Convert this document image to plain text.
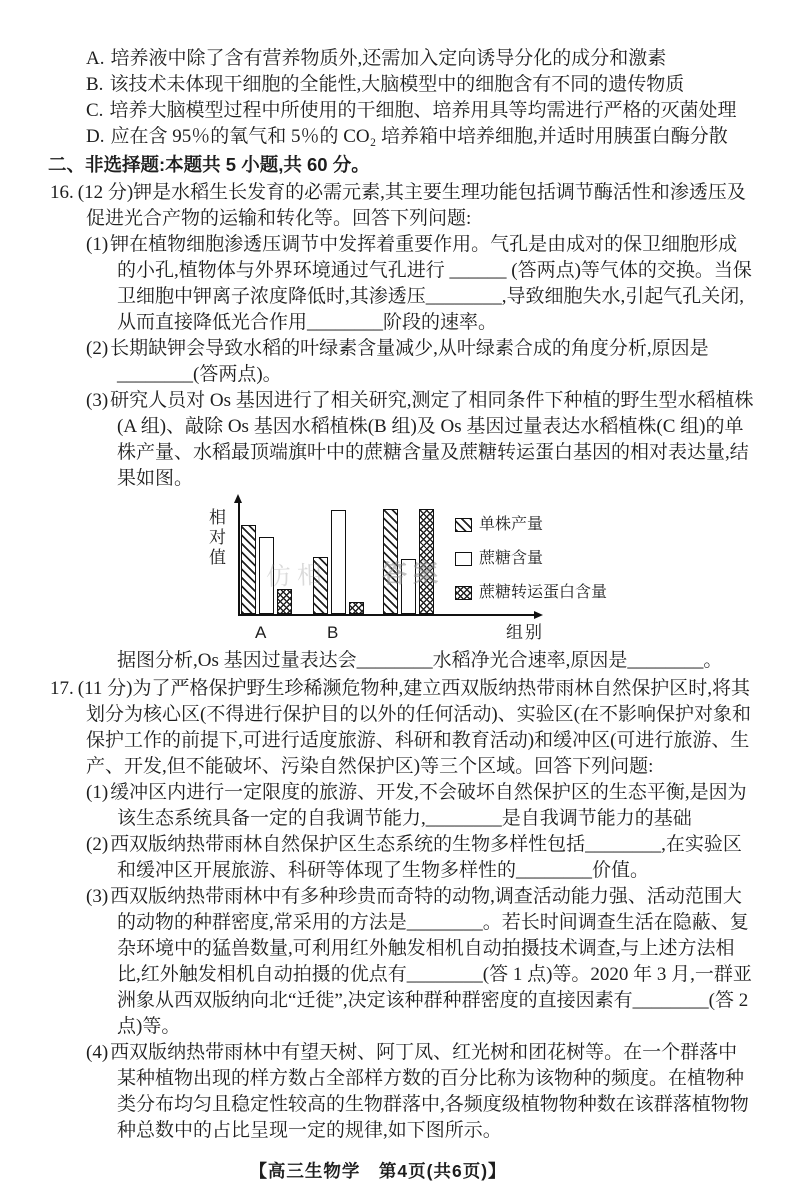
A. 培养液中除了含有营养物质外,还需加入定向诱导分化的成分和激素

B. 该技术未体现干细胞的全能性,大脑模型中的细胞含有不同的遗传物质

C. 培养大脑模型过程中所使用的干细胞、培养用具等均需进行严格的灭菌处理

D. 应在含 95％的氧气和 5％的 CO₂ 培养箱中培养细胞,并适时用胰蛋白酶分散

二、非选择题:本题共 5 小题,共 60 分。

16. (12 分)钾是水稻生长发育的必需元素,其主要生理功能包括调节酶活性和渗透压及促进光合产物的运输和转化等。回答下列问题:

(1) 钾在植物细胞渗透压调节中发挥着重要作用。气孔是由成对的保卫细胞形成的小孔,植物体与外界环境通过气孔进行 ______ (答两点)等气体的交换。当保卫细胞中钾离子浓度降低时,其渗透压________,导致细胞失水,引起气孔关闭,从而直接降低光合作用________阶段的速率。

(2) 长期缺钾会导致水稻的叶绿素含量减少,从叶绿素合成的角度分析,原因是________(答两点)。

(3) 研究人员对 Os 基因进行了相关研究,测定了相同条件下种植的野生型水稻植株(A 组)、敲除 Os 基因水稻植株(B 组)及 Os 基因过量表达水稻植株(C 组)的单株产量、水稻最顶端旗叶中的蔗糖含量及蔗糖转运蛋白基因的相对表达量,结果如图。

相对值
A	B	组别
单株产量
蔗糖含量
蔗糖转运蛋白含量
仿相 答案

据图分析,Os 基因过量表达会________水稻净光合速率,原因是________。

17. (11 分)为了严格保护野生珍稀濒危物种,建立西双版纳热带雨林自然保护区时,将其划分为核心区(不得进行保护目的以外的任何活动)、实验区(在不影响保护对象和保护工作的前提下,可进行适度旅游、科研和教育活动)和缓冲区(可进行旅游、生产、开发,但不能破坏、污染自然保护区)等三个区域。回答下列问题:

(1) 缓冲区内进行一定限度的旅游、开发,不会破坏自然保护区的生态平衡,是因为该生态系统具备一定的自我调节能力,________是自我调节能力的基础

(2) 西双版纳热带雨林自然保护区生态系统的生物多样性包括________,在实验区和缓冲区开展旅游、科研等体现了生物多样性的________价值。

(3) 西双版纳热带雨林中有多种珍贵而奇特的动物,调查活动能力强、活动范围大的动物的种群密度,常采用的方法是________。若长时间调查生活在隐蔽、复杂环境中的猛兽数量,可利用红外触发相机自动拍摄技术调查,与上述方法相比,红外触发相机自动拍摄的优点有________(答 1 点)等。2020 年 3 月,一群亚洲象从西双版纳向北“迁徙”,决定该种群种群密度的直接因素有________(答 2 点)等。

(4) 西双版纳热带雨林中有望天树、阿丁凤、红光树和团花树等。在一个群落中某种植物出现的样方数占全部样方数的百分比称为该物种的频度。在植物种类分布均匀且稳定性较高的生物群落中,各频度级植物物种数在该群落植物物种总数中的占比呈现一定的规律,如下图所示。

【高三生物学　第4页(共6页)】
